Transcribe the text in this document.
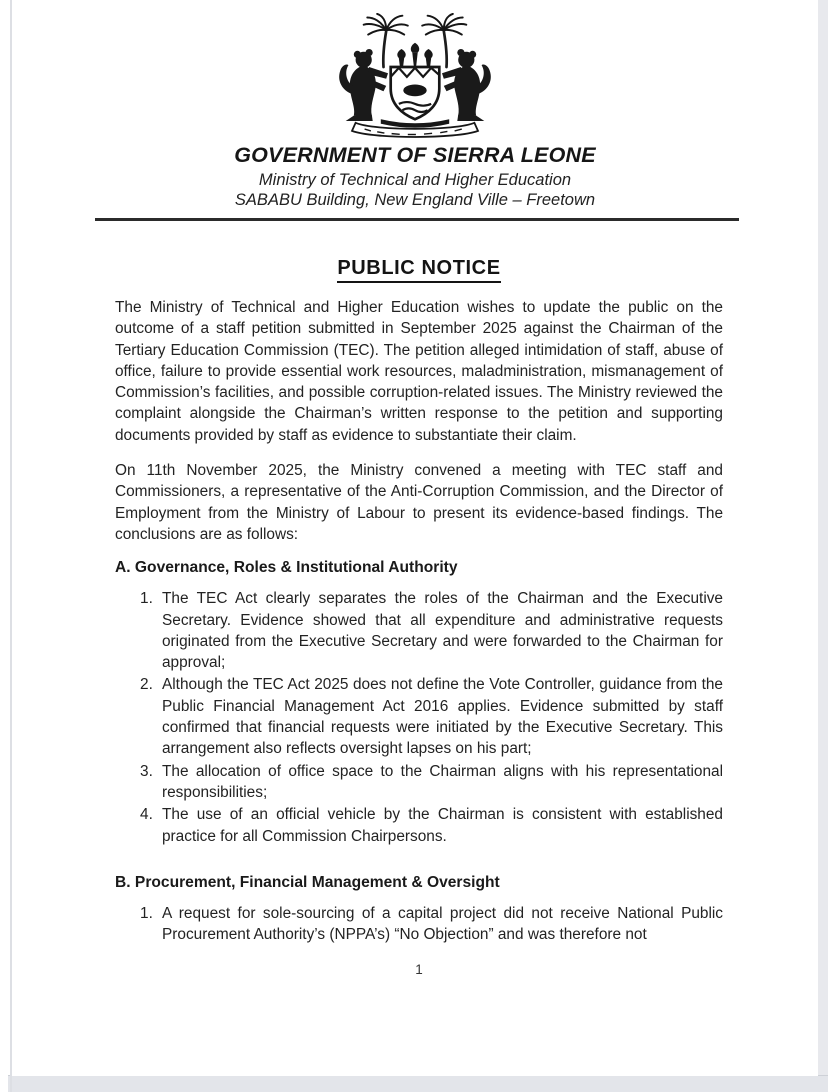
GOVERNMENT OF SIERRA LEONE
Ministry of Technical and Higher Education
SABABU Building, New England Ville – Freetown
PUBLIC NOTICE

The Ministry of Technical and Higher Education wishes to update the public on the outcome of a staff petition submitted in September 2025 against the Chairman of the Tertiary Education Commission (TEC). The petition alleged intimidation of staff, abuse of office, failure to provide essential work resources, maladministration, mismanagement of Commission’s facilities, and possible corruption-related issues. The Ministry reviewed the complaint alongside the Chairman’s written response to the petition and supporting documents provided by staff as evidence to substantiate their claim.

On 11th November 2025, the Ministry convened a meeting with TEC staff and Commissioners, a representative of the Anti-Corruption Commission, and the Director of Employment from the Ministry of Labour to present its evidence-based findings. The conclusions are as follows:

A. Governance, Roles & Institutional Authority
The TEC Act clearly separates the roles of the Chairman and the Executive Secretary. Evidence showed that all expenditure and administrative requests originated from the Executive Secretary and were forwarded to the Chairman for approval;
Although the TEC Act 2025 does not define the Vote Controller, guidance from the Public Financial Management Act 2016 applies. Evidence submitted by staff confirmed that financial requests were initiated by the Executive Secretary. This arrangement also reflects oversight lapses on his part;
The allocation of office space to the Chairman aligns with his representational responsibilities;
The use of an official vehicle by the Chairman is consistent with established practice for all Commission Chairpersons.
B. Procurement, Financial Management & Oversight
A request for sole-sourcing of a capital project did not receive National Public Procurement Authority’s (NPPA’s) “No Objection” and was therefore not
1
